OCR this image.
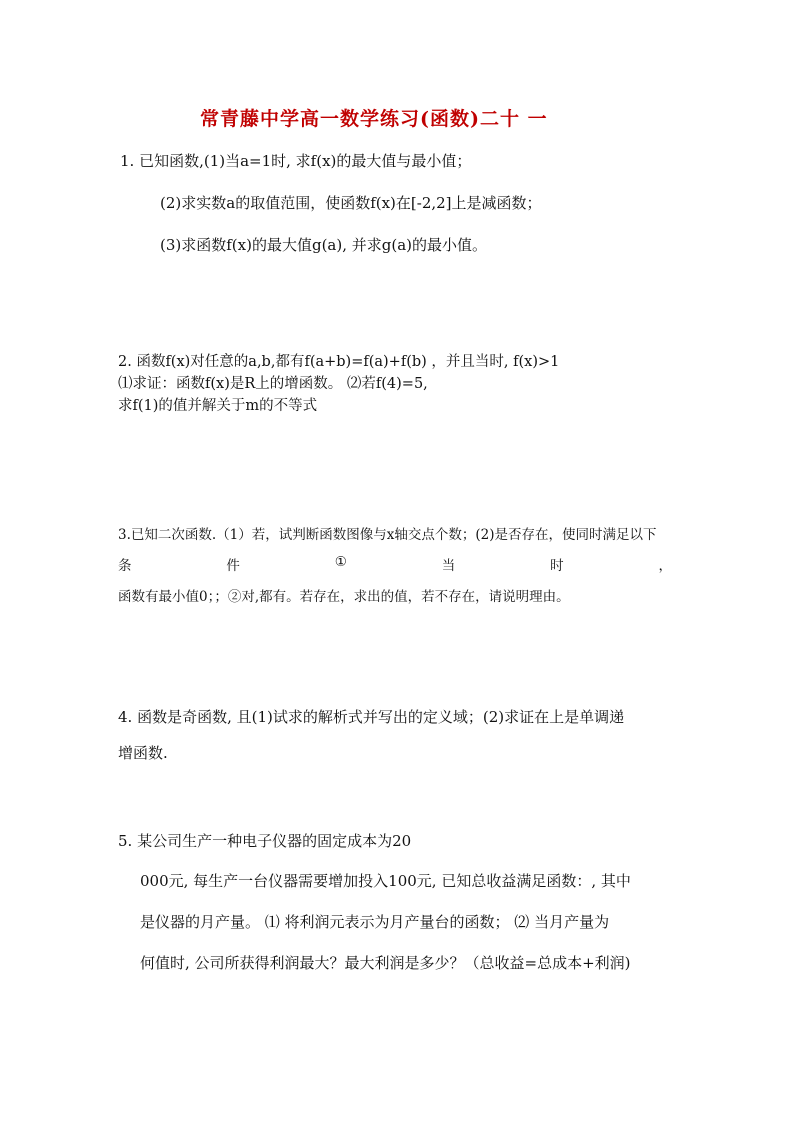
常青藤中学高一数学练习(函数)二十 一
1. 已知函数,(1)当a=1时, 求f(x)的最大值与最小值；
(2)求实数a的取值范围，使函数f(x)在[-2,2]上是减函数；
(3)求函数f(x)的最大值g(a), 并求g(a)的最小值。
2. 函数f(x)对任意的a,b,都有f(a+b)=f(a)+f(b) ，并且当时, f(x)>1
⑴求证：函数f(x)是R上的增函数。 ⑵若f(4)=5,
求f(1)的值并解关于m的不等式
3.已知二次函数.（1）若，试判断函数图像与x轴交点个数；(2)是否存在，使同时满足以下
条	件	①	当	时	，
函数有最小值0；；②对,都有。若存在，求出的值，若不存在，请说明理由。
4. 函数是奇函数, 且(1)试求的解析式并写出的定义域；(2)求证在上是单调递
增函数.
5. 某公司生产一种电子仪器的固定成本为20
000元, 每生产一台仪器需要增加投入100元, 已知总收益满足函数：, 其中
是仪器的月产量。 ⑴ 将利润元表示为月产量台的函数； ⑵ 当月产量为
何值时, 公司所获得利润最大？最大利润是多少？（总收益=总成本+利润)
